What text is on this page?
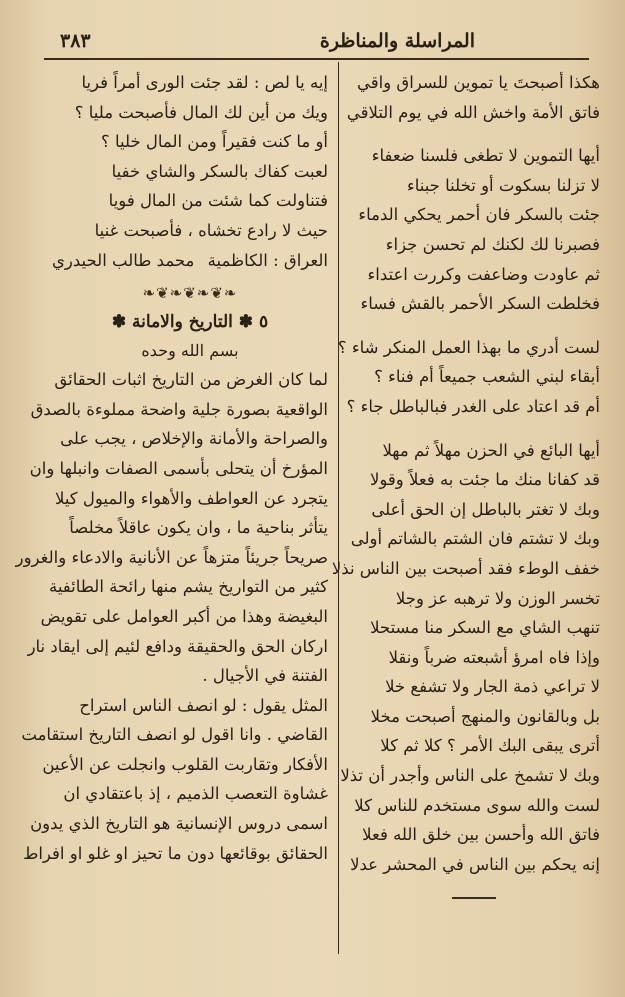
المراسلة والمناظرة
٣٨٣
هكذا أصبحتَ يا تموين للسراق واقي
فاتق الأمة واخش الله في يوم التلاقي
أيها التموين لا تطغى فلسنا ضعفاء
لا تزلنا بسكوت أو تخلنا جبناء
جئت بالسكر فان أحمر يحكي الدماء
فصبرنا لك لكنك لم تحسن جزاء
ثم عاودت وضاعفت وكررت اعتداء
فخلطت السكر الأحمر بالقش فساء
لست أدري ما بهذا العمل المنكر شاء ؟
أبقاء لبني الشعب جميعاً أم فناء ؟
أم قد اعتاد على الغدر فبالباطل جاء ؟
أيها البائع في الحزن مهلاً ثم مهلا
قد كفانا منك ما جئت به فعلاً وقولا
وبك لا تغتر بالباطل إن الحق أعلى
وبك لا تشتم فان الشتم بالشاتم أولى
خفف الوطء فقد أصبحت بين الناس نذلا
تخسر الوزن ولا ترهبه عز وجلا
تنهب الشاي مع السكر منا مستحلا
وإذا فاه امرؤ أشبعته ضرباً ونقلا
لا تراعي ذمة الجار ولا تشفع خلا
بل وبالقانون والمنهج أصبحت مخلا
أترى يبقى البك الأمر ؟ كلا ثم كلا
وبك لا تشمخ على الناس وأجدر أن تذلا
لست والله سوى مستخدم للناس كلا
فاتق الله وأحسن بين خلق الله فعلا
إنه يحكم بين الناس في المحشر عدلا
إيه يا لص : لقد جئت الورى أمراً فريا
ويك من أين لك المال فأصبحت مليا ؟
أو ما كنت فقيراً ومن المال خليا ؟
لعبت كفاك بالسكر والشاي خفيا
فتناولت كما شئت من المال فويا
حيث لا رادع تخشاه ، فأصبحت غنيا
العراق : الكاظمية
محمد طالب الحيدري
❧❦❧❦❧❦❧
٥ ✽ التاريخ والامانة ✽
بسم الله وحده
لما كان الغرض من التاريخ اثبات الحقائق
الواقعية بصورة جلية واضحة مملوءة بالصدق
والصراحة والأمانة والإخلاص ، يجب على
المؤرخ أن يتحلى بأسمى الصفات وانبلها وان
يتجرد عن العواطف والأهواء والميول كيلا
يتأثر بناحية ما ، وان يكون عاقلاً مخلصاً
صريحاً جريئاً متزهاً عن الأنانية والادعاء والغرور
كثير من التواريخ يشم منها رائحة الطائفية
البغيضة وهذا من أكبر العوامل على تقويض
اركان الحق والحقيقة ودافع لئيم إلى ايقاد نار
الفتنة في الأجيال .
المثل يقول : لو انصف الناس استراح
القاضي . وانا اقول لو انصف التاريخ استقامت
الأفكار وتقاربت القلوب وانجلت عن الأعين
غشاوة التعصب الذميم ، إذ باعتقادي ان
اسمى دروس الإنسانية هو التاريخ الذي يدون
الحقائق بوقائعها دون ما تحيز او غلو او افراط
